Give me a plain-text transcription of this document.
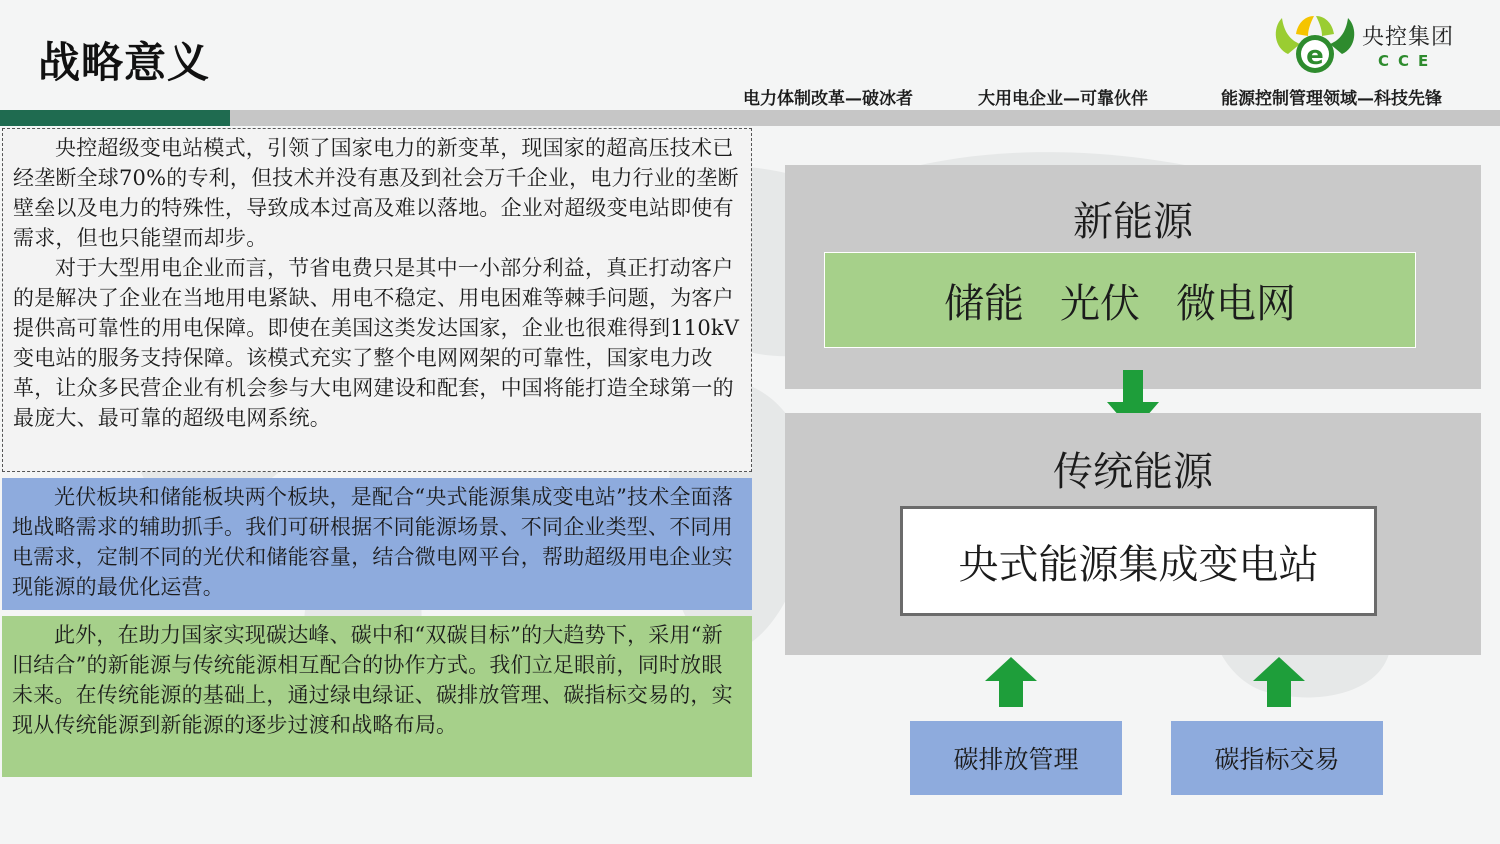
战略意义	e
央控集团
CCE
电力体制改革—破冰者	大用电企业—可靠伙伴	能源控制管理领域—科技先锋

央控超级变电站模式，引领了国家电力的新变革，现国家的超高压技术已经垄断全球70%的专利，但技术并没有惠及到社会万千企业，电力行业的垄断壁垒以及电力的特殊性，导致成本过高及难以落地。企业对超级变电站即使有需求，但也只能望而却步。

对于大型用电企业而言，节省电费只是其中一小部分利益，真正打动客户的是解决了企业在当地用电紧缺、用电不稳定、用电困难等棘手问题，为客户提供高可靠性的用电保障。即使在美国这类发达国家，企业也很难得到110kV变电站的服务支持保障。该模式充实了整个电网网架的可靠性，国家电力改革，让众多民营企业有机会参与大电网建设和配套，中国将能打造全球第一的最庞大、最可靠的超级电网系统。

光伏板块和储能板块两个板块，是配合“央式能源集成变电站”技术全面落地战略需求的辅助抓手。我们可研根据不同能源场景、不同企业类型、不同用电需求，定制不同的光伏和储能容量，结合微电网平台，帮助超级用电企业实现能源的最优化运营。

此外，在助力国家实现碳达峰、碳中和“双碳目标”的大趋势下，采用“新旧结合”的新能源与传统能源相互配合的协作方式。我们立足眼前，同时放眼未来。在传统能源的基础上，通过绿电绿证、碳排放管理、碳指标交易的，实现从传统能源到新能源的逐步过渡和战略布局。

新能源
储能 光伏 微电网
传统能源
央式能源集成变电站
碳排放管理	碳指标交易
